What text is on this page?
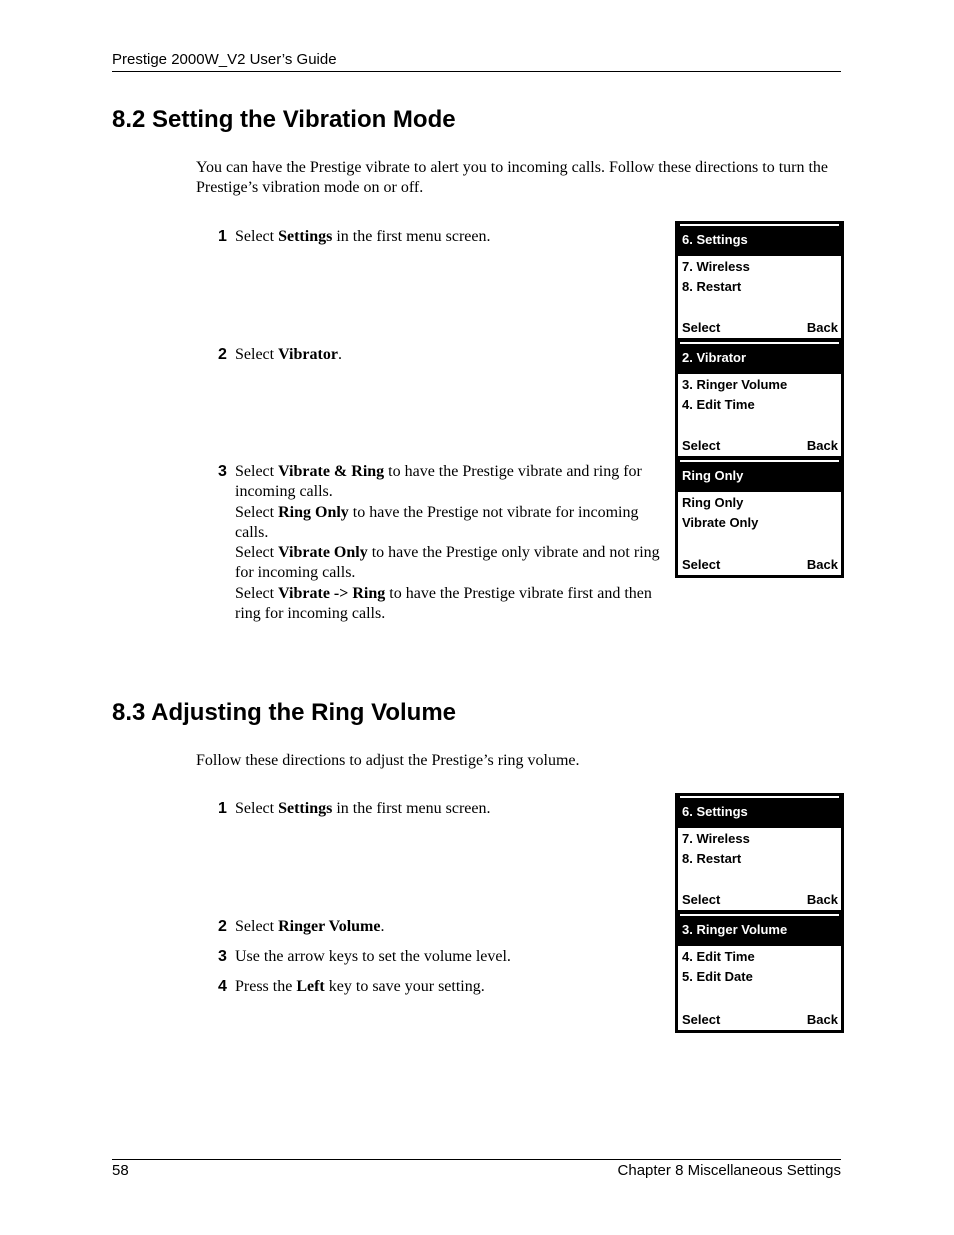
Prestige 2000W_V2 User’s Guide
8.2 Setting the Vibration Mode
You can have the Prestige vibrate to alert you to incoming calls. Follow these directions to turn the Prestige’s vibration mode on or off.
1 Select Settings in the first menu screen.

2 Select Vibrator.

3 Select Vibrate & Ring to have the Prestige vibrate and ring for incoming calls.

Select Ring Only to have the Prestige not vibrate for incoming calls.

Select Vibrate Only to have the Prestige only vibrate and not ring for incoming calls.

Select Vibrate -> Ring to have the Prestige vibrate first and then ring for incoming calls.

6. Settings
7. Wireless
8. Restart
Select	Back
2. Vibrator
3. Ringer Volume
4. Edit Time
Select	Back
Ring Only
Ring Only
Vibrate Only
Select	Back
8.3 Adjusting the Ring Volume
Follow these directions to adjust the Prestige’s ring volume.
1 Select Settings in the first menu screen.

2 Select Ringer Volume.

3 Use the arrow keys to set the volume level.

4 Press the Left key to save your setting.

6. Settings
7. Wireless
8. Restart
Select	Back
3. Ringer Volume
4. Edit Time
5. Edit Date
Select	Back
58	Chapter 8 Miscellaneous Settings
